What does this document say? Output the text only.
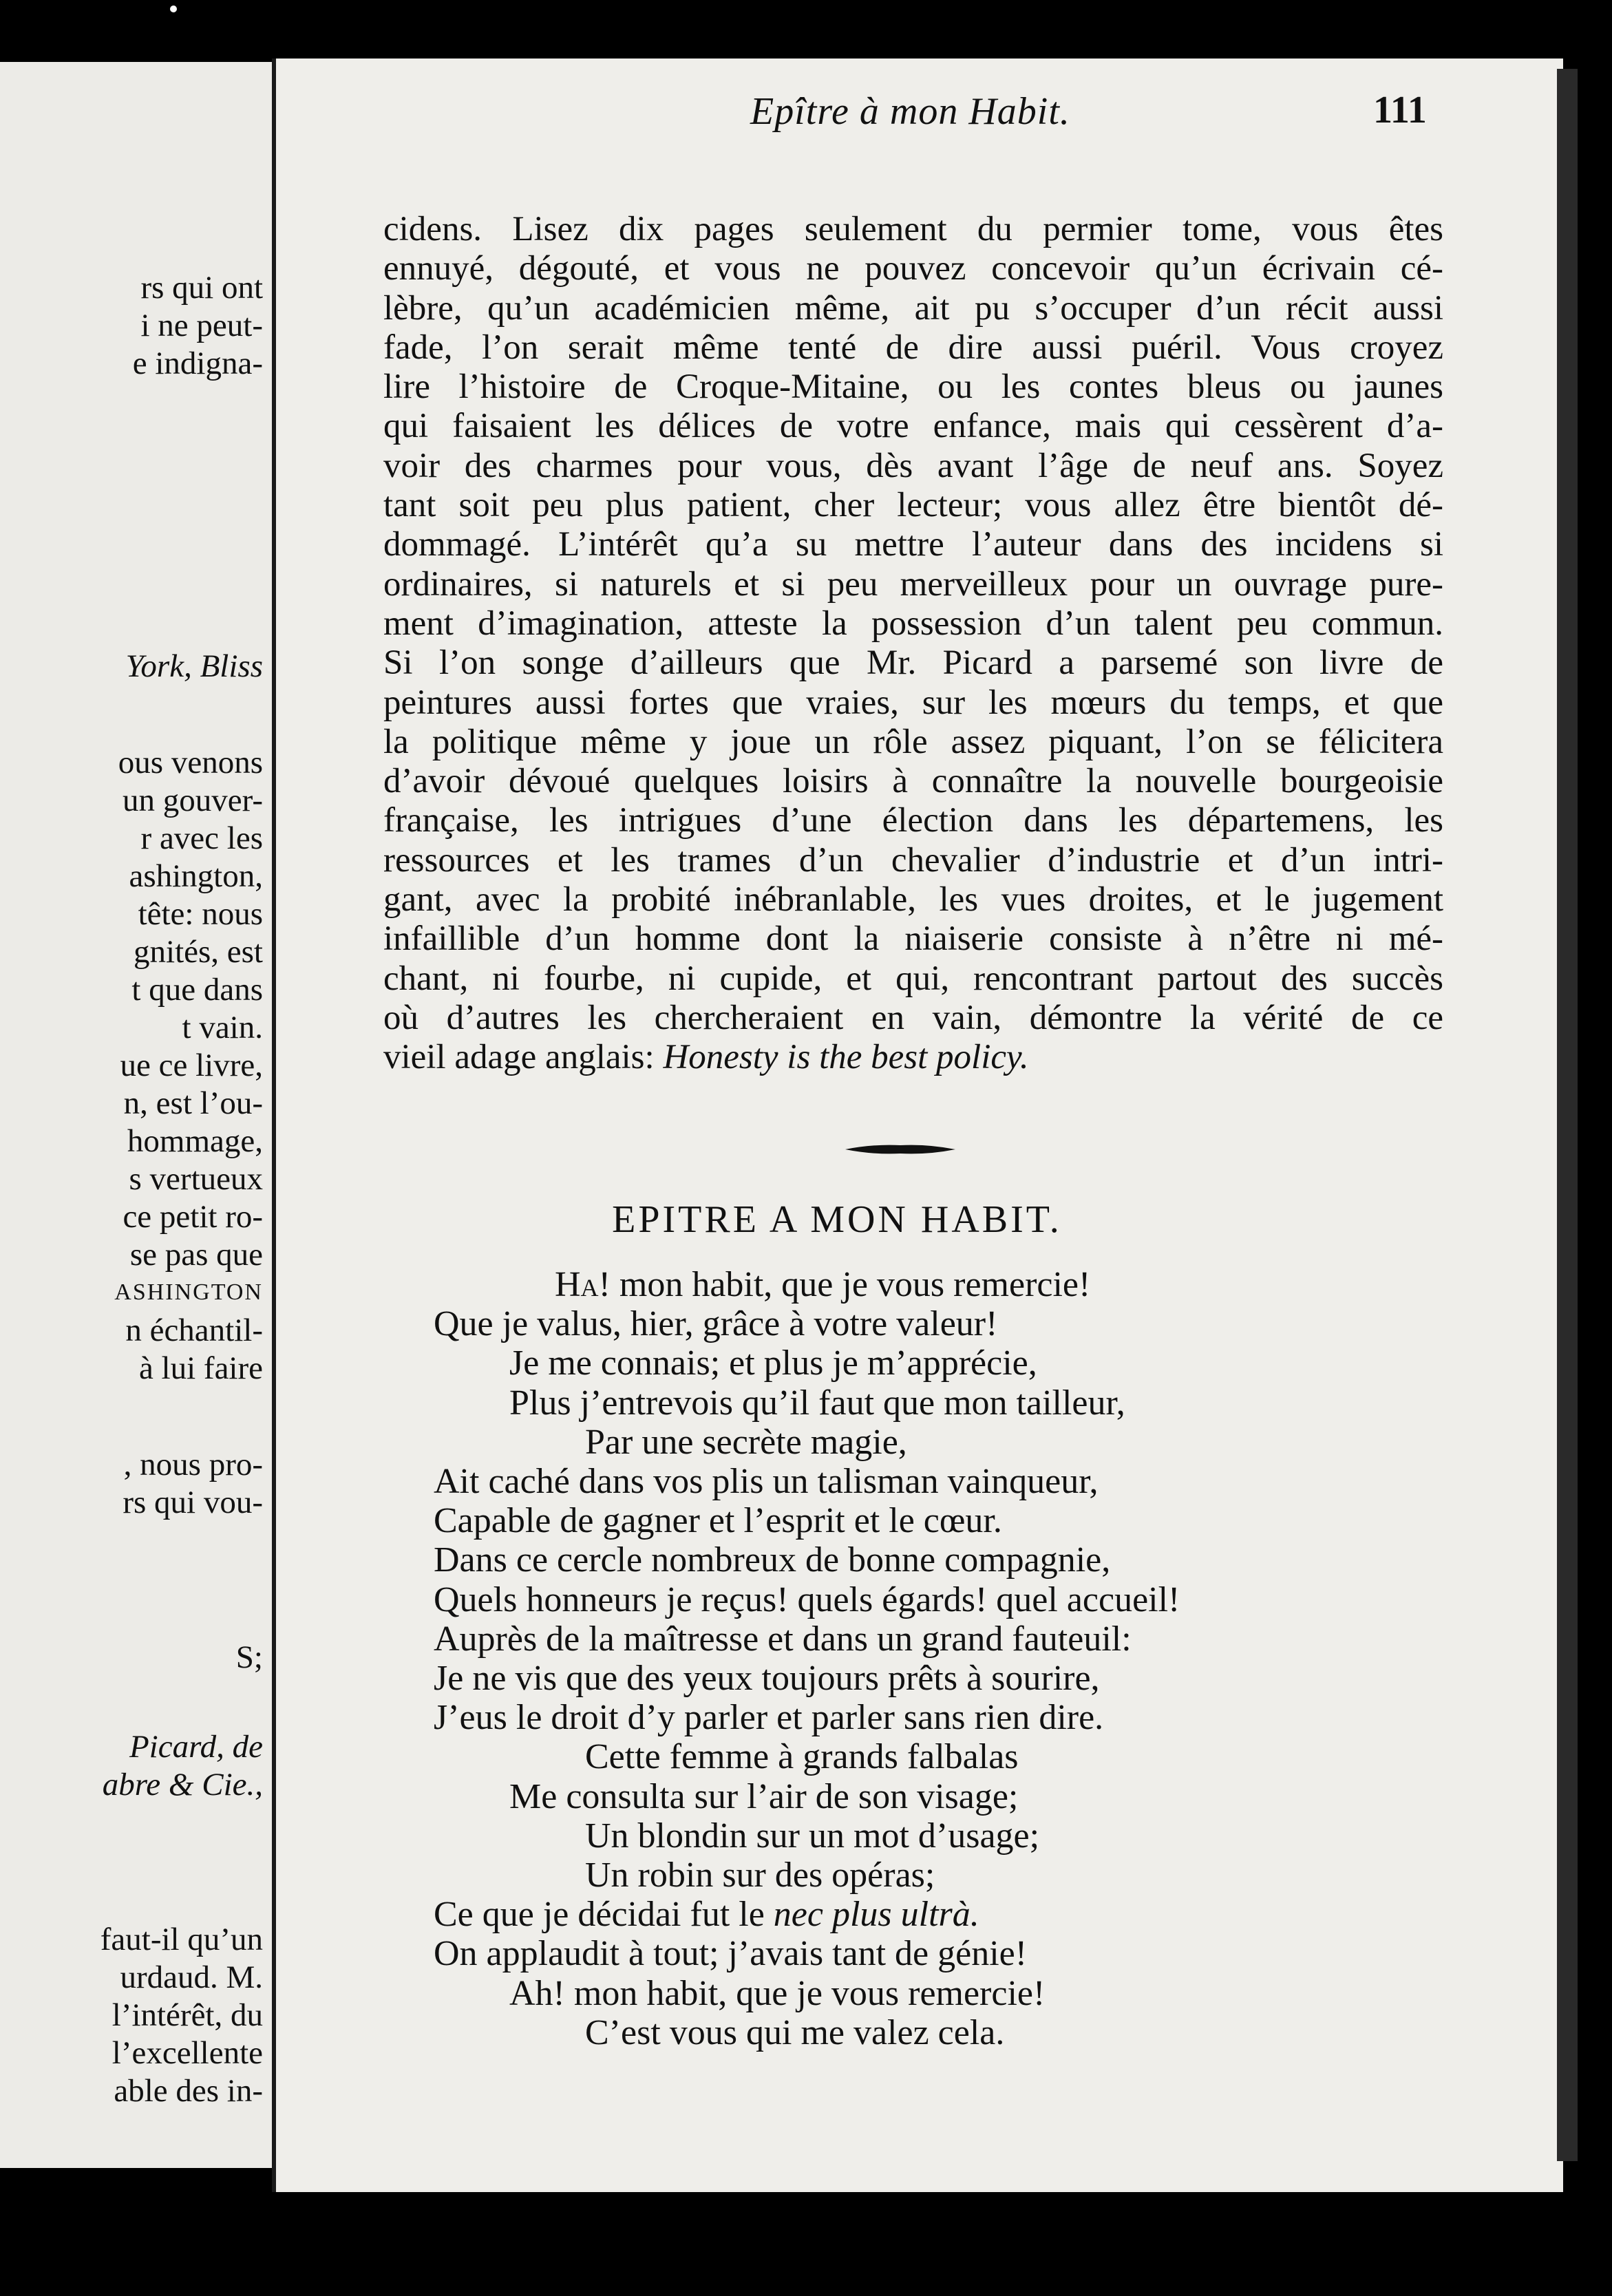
rs qui ont
i ne peut-
e indigna-
York, Bliss
ous venons
un gouver-
r avec les
ashington,
tête: nous
gnités, est
t que dans
t vain.
ue ce livre,
n, est l’ou-
hommage,
s vertueux
ce petit ro-
se pas que
ASHINGTON
n échantil-
à lui faire
, nous pro-
rs qui vou-
S;
Picard, de
abre & Cie.,
faut-il qu’un
urdaud. M.
l’intérêt, du
l’excellente
able des in-
Epître à mon Habit.	111
cidens. Lisez dix pages seulement du permier tome, vous êtes
ennuyé, dégouté, et vous ne pouvez concevoir qu’un écrivain cé-
lèbre, qu’un académicien même, ait pu s’occuper d’un récit aussi
fade, l’on serait même tenté de dire aussi puéril. Vous croyez
lire l’histoire de Croque-Mitaine, ou les contes bleus ou jaunes
qui faisaient les délices de votre enfance, mais qui cessèrent d’a-
voir des charmes pour vous, dès avant l’âge de neuf ans. Soyez
tant soit peu plus patient, cher lecteur; vous allez être bientôt dé-
dommagé. L’intérêt qu’a su mettre l’auteur dans des incidens si
ordinaires, si naturels et si peu merveilleux pour un ouvrage pure-
ment d’imagination, atteste la possession d’un talent peu commun.
Si l’on songe d’ailleurs que Mr. Picard a parsemé son livre de
peintures aussi fortes que vraies, sur les mœurs du temps, et que
la politique même y joue un rôle assez piquant, l’on se félicitera
d’avoir dévoué quelques loisirs à connaître la nouvelle bourgeoisie
française, les intrigues d’une élection dans les départemens, les
ressources et les trames d’un chevalier d’industrie et d’un intri-
gant, avec la probité inébranlable, les vues droites, et le jugement
infaillible d’un homme dont la niaiserie consiste à n’être ni mé-
chant, ni fourbe, ni cupide, et qui, rencontrant partout des succès
où d’autres les chercheraient en vain, démontre la vérité de ce
vieil adage anglais: Honesty is the best policy.
EPITRE A MON HABIT.
Ha! mon habit, que je vous remercie!
Que je valus, hier, grâce à votre valeur!
Je me connais; et plus je m’apprécie,
Plus j’entrevois qu’il faut que mon tailleur,
Par une secrète magie,
Ait caché dans vos plis un talisman vainqueur,
Capable de gagner et l’esprit et le cœur.
Dans ce cercle nombreux de bonne compagnie,
Quels honneurs je reçus! quels égards! quel accueil!
Auprès de la maîtresse et dans un grand fauteuil:
Je ne vis que des yeux toujours prêts à sourire,
J’eus le droit d’y parler et parler sans rien dire.
Cette femme à grands falbalas
Me consulta sur l’air de son visage;
Un blondin sur un mot d’usage;
Un robin sur des opéras;
Ce que je décidai fut le nec plus ultrà.
On applaudit à tout; j’avais tant de génie!
Ah! mon habit, que je vous remercie!
C’est vous qui me valez cela.
